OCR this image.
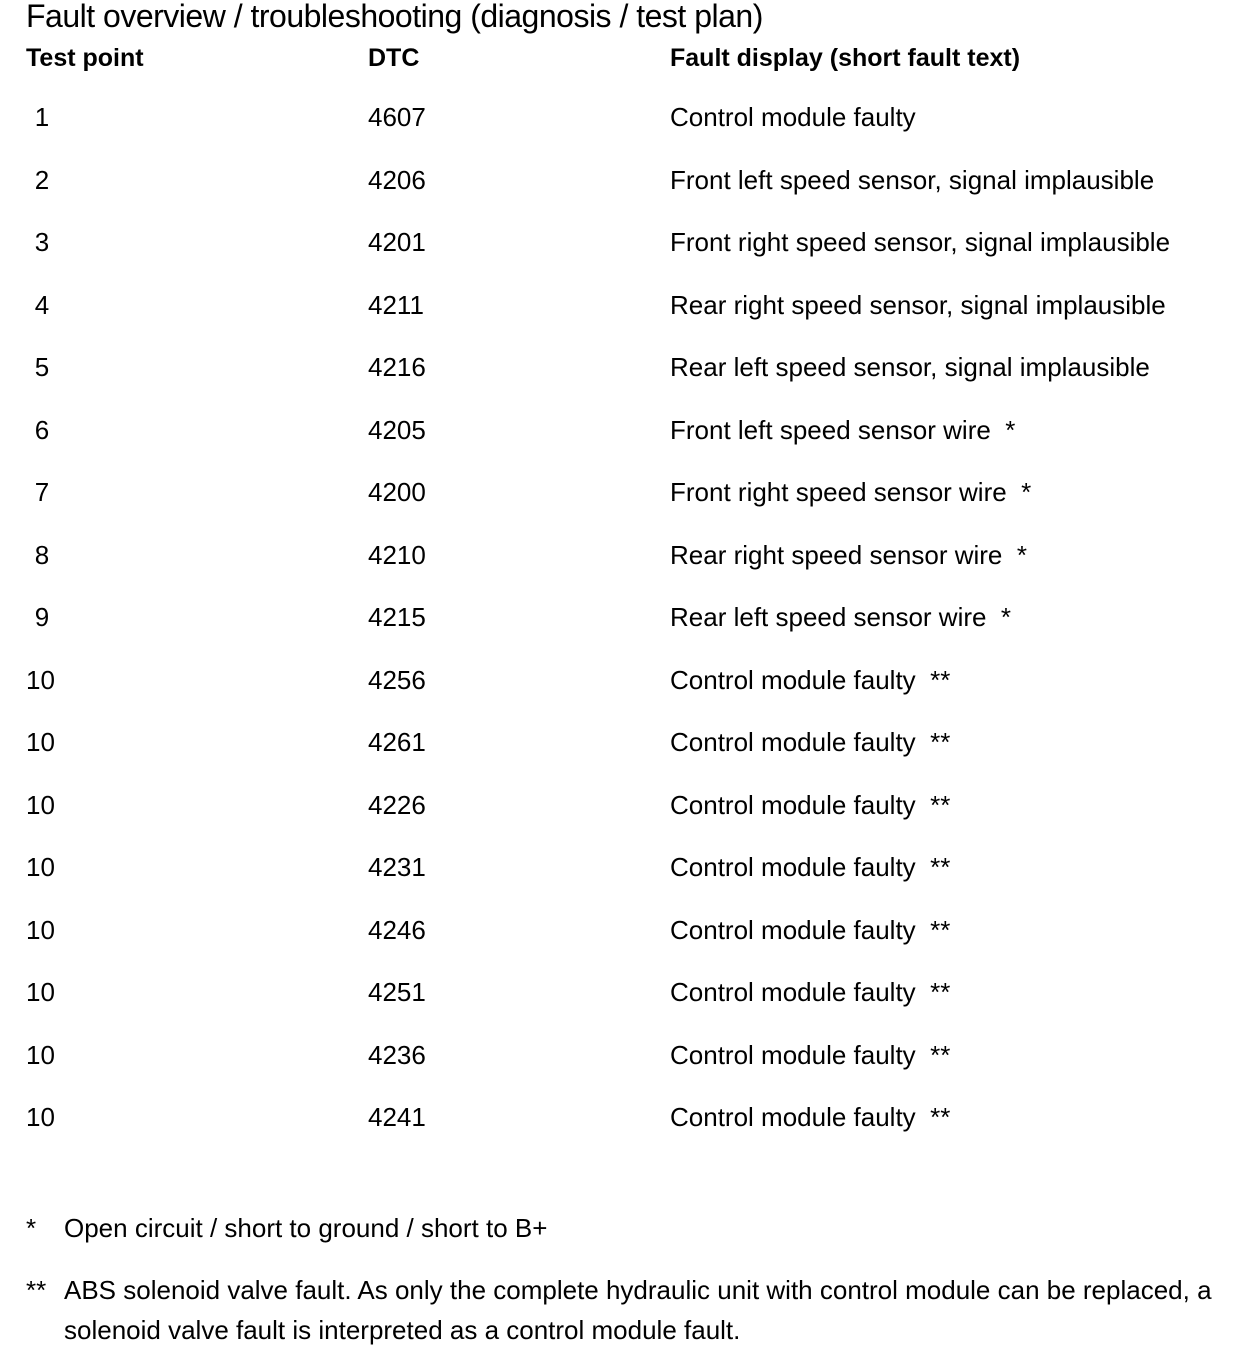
Fault overview / troubleshooting (diagnosis / test plan)
Test point	DTC	Fault display (short fault text)
1	4607	Control module faulty
2	4206	Front left speed sensor, signal implausible
3	4201	Front right speed sensor, signal implausible
4	4211	Rear right speed sensor, signal implausible
5	4216	Rear left speed sensor, signal implausible
6	4205	Front left speed sensor wire  *
7	4200	Front right speed sensor wire  *
8	4210	Rear right speed sensor wire  *
9	4215	Rear left speed sensor wire  *
10	4256	Control module faulty  **
10	4261	Control module faulty  **
10	4226	Control module faulty  **
10	4231	Control module faulty  **
10	4246	Control module faulty  **
10	4251	Control module faulty  **
10	4236	Control module faulty  **
10	4241	Control module faulty  **
* Open circuit / short to ground / short to B+
** ABS solenoid valve fault. As only the complete hydraulic unit with control module can be replaced, a solenoid valve fault is interpreted as a control module fault.
